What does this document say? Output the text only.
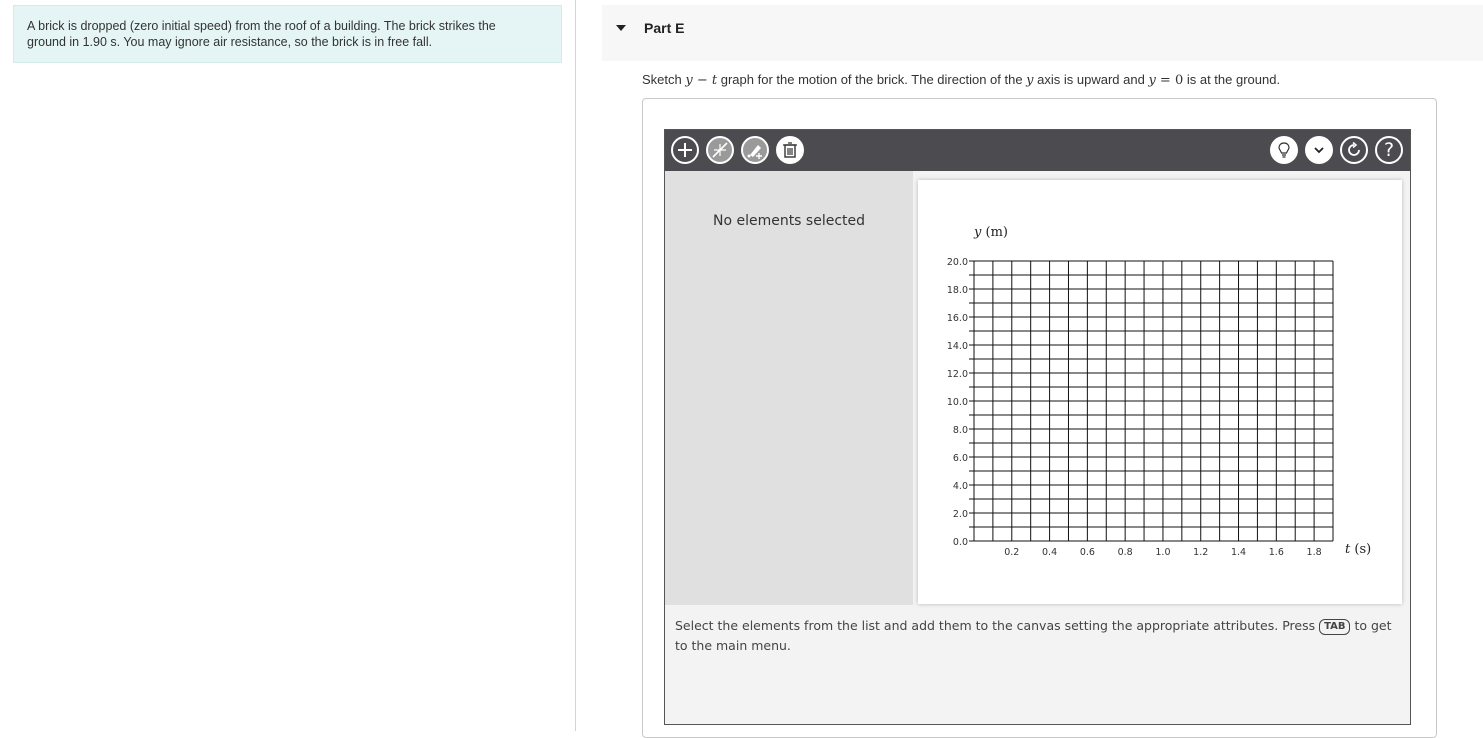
A brick is dropped (zero initial speed) from the roof of a building. The brick strikes the
ground in 1.90 s. You may ignore air resistance, so the brick is in free fall.
Part E
Sketch y − t graph for the motion of the brick. The direction of the y axis is upward and y = 0 is at the ground.
?
No elements selected
y (m)
0.0
2.0
4.0
6.0
8.0
10.0
12.0
14.0
16.0
18.0
20.0
0.2 0.4 0.6 0.8 1.0 1.2 1.4 1.6 1.8 t (s)
Select the elements from the list and add them to the canvas setting the appropriate attributes. Press TAB to get to the main menu.
